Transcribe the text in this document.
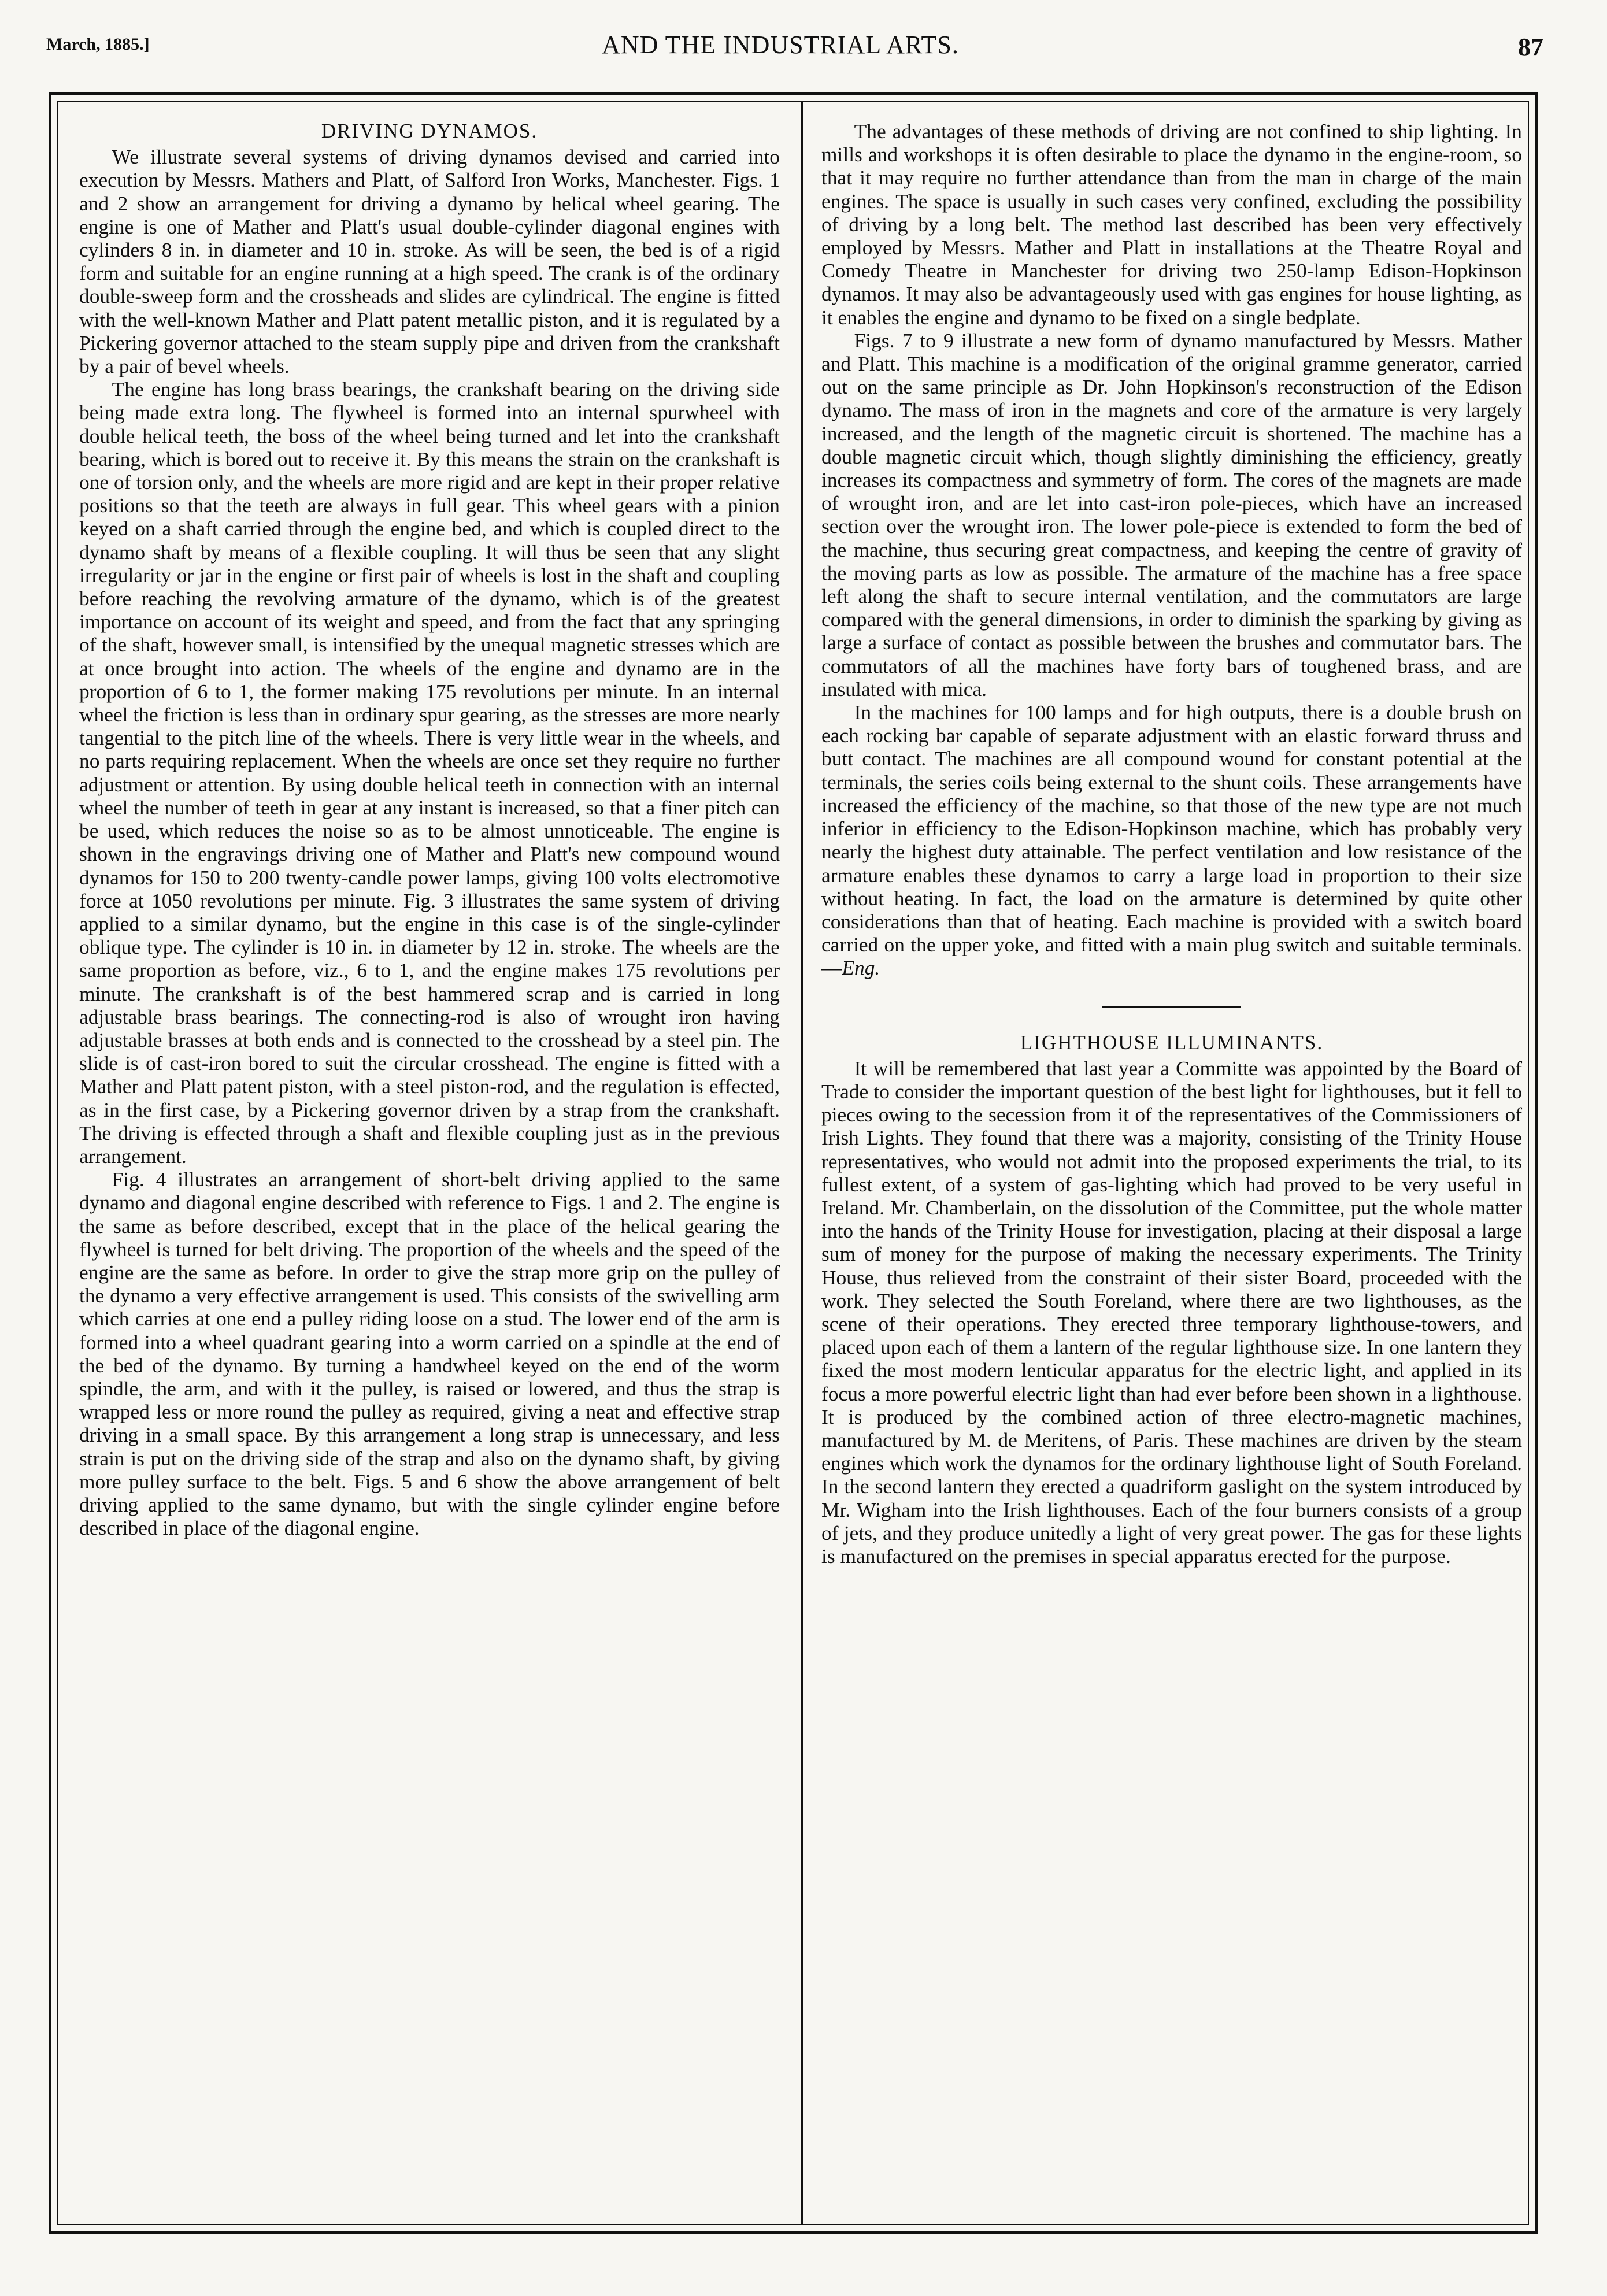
March, 1885.]	AND THE INDUSTRIAL ARTS.	87
DRIVING DYNAMOS.

We illustrate several systems of driving dynamos devised and carried into execution by Messrs. Mathers and Platt, of Salford Iron Works, Manchester. Figs. 1 and 2 show an arrangement for driving a dynamo by helical wheel gearing. The engine is one of Mather and Platt's usual double-cylinder diagonal engines with cylinders 8 in. in diameter and 10 in. stroke. As will be seen, the bed is of a rigid form and suitable for an engine running at a high speed. The crank is of the ordinary double-sweep form and the crossheads and slides are cylindrical. The engine is fitted with the well-known Mather and Platt patent metallic piston, and it is regulated by a Pickering governor attached to the steam supply pipe and driven from the crankshaft by a pair of bevel wheels.

The engine has long brass bearings, the crankshaft bearing on the driving side being made extra long. The flywheel is formed into an internal spurwheel with double helical teeth, the boss of the wheel being turned and let into the crankshaft bearing, which is bored out to receive it. By this means the strain on the crankshaft is one of torsion only, and the wheels are more rigid and are kept in their proper relative positions so that the teeth are always in full gear. This wheel gears with a pinion keyed on a shaft carried through the engine bed, and which is coupled direct to the dynamo shaft by means of a flexible coupling. It will thus be seen that any slight irregularity or jar in the engine or first pair of wheels is lost in the shaft and coupling before reaching the revolving armature of the dynamo, which is of the greatest importance on account of its weight and speed, and from the fact that any springing of the shaft, however small, is intensified by the unequal magnetic stresses which are at once brought into action. The wheels of the engine and dynamo are in the proportion of 6 to 1, the former making 175 revolutions per minute. In an internal wheel the friction is less than in ordinary spur gearing, as the stresses are more nearly tangential to the pitch line of the wheels. There is very little wear in the wheels, and no parts requiring replacement. When the wheels are once set they require no further adjustment or attention. By using double helical teeth in connection with an internal wheel the number of teeth in gear at any instant is increased, so that a finer pitch can be used, which reduces the noise so as to be almost unnoticeable. The engine is shown in the engravings driving one of Mather and Platt's new compound wound dynamos for 150 to 200 twenty-candle power lamps, giving 100 volts electromotive force at 1050 revolutions per minute. Fig. 3 illustrates the same system of driving applied to a similar dynamo, but the engine in this case is of the single-cylinder oblique type. The cylinder is 10 in. in diameter by 12 in. stroke. The wheels are the same proportion as before, viz., 6 to 1, and the engine makes 175 revolutions per minute. The crankshaft is of the best hammered scrap and is carried in long adjustable brass bearings. The connecting-rod is also of wrought iron having adjustable brasses at both ends and is connected to the crosshead by a steel pin. The slide is of cast-iron bored to suit the circular crosshead. The engine is fitted with a Mather and Platt patent piston, with a steel piston-rod, and the regulation is effected, as in the first case, by a Pickering governor driven by a strap from the crankshaft. The driving is effected through a shaft and flexible coupling just as in the previous arrangement.

Fig. 4 illustrates an arrangement of short-belt driving applied to the same dynamo and diagonal engine described with reference to Figs. 1 and 2. The engine is the same as before described, except that in the place of the helical gearing the flywheel is turned for belt driving. The proportion of the wheels and the speed of the engine are the same as before. In order to give the strap more grip on the pulley of the dynamo a very effective arrangement is used. This consists of the swivelling arm which carries at one end a pulley riding loose on a stud. The lower end of the arm is formed into a wheel quadrant gearing into a worm carried on a spindle at the end of the bed of the dynamo. By turning a handwheel keyed on the end of the worm spindle, the arm, and with it the pulley, is raised or lowered, and thus the strap is wrapped less or more round the pulley as required, giving a neat and effective strap driving in a small space. By this arrangement a long strap is unnecessary, and less strain is put on the driving side of the strap and also on the dynamo shaft, by giving more pulley surface to the belt. Figs. 5 and 6 show the above arrangement of belt driving applied to the same dynamo, but with the single cylinder engine before described in place of the diagonal engine.

The advantages of these methods of driving are not confined to ship lighting. In mills and workshops it is often desirable to place the dynamo in the engine-room, so that it may require no further attendance than from the man in charge of the main engines. The space is usually in such cases very confined, excluding the possibility of driving by a long belt. The method last described has been very effectively employed by Messrs. Mather and Platt in installations at the Theatre Royal and Comedy Theatre in Manchester for driving two 250-lamp Edison-Hopkinson dynamos. It may also be advantageously used with gas engines for house lighting, as it enables the engine and dynamo to be fixed on a single bedplate.

Figs. 7 to 9 illustrate a new form of dynamo manufactured by Messrs. Mather and Platt. This machine is a modification of the original gramme generator, carried out on the same principle as Dr. John Hopkinson's reconstruction of the Edison dynamo. The mass of iron in the magnets and core of the armature is very largely increased, and the length of the magnetic circuit is shortened. The machine has a double magnetic circuit which, though slightly diminishing the efficiency, greatly increases its compactness and symmetry of form. The cores of the magnets are made of wrought iron, and are let into cast-iron pole-pieces, which have an increased section over the wrought iron. The lower pole-piece is extended to form the bed of the machine, thus securing great compactness, and keeping the centre of gravity of the moving parts as low as possible. The armature of the machine has a free space left along the shaft to secure internal ventilation, and the commutators are large compared with the general dimensions, in order to diminish the sparking by giving as large a surface of contact as possible between the brushes and commutator bars. The commutators of all the machines have forty bars of toughened brass, and are insulated with mica.

In the machines for 100 lamps and for high outputs, there is a double brush on each rocking bar capable of separate adjustment with an elastic forward thruss and butt contact. The machines are all compound wound for constant potential at the terminals, the series coils being external to the shunt coils. These arrangements have increased the efficiency of the machine, so that those of the new type are not much inferior in efficiency to the Edison-Hopkinson machine, which has probably very nearly the highest duty attainable. The perfect ventilation and low resistance of the armature enables these dynamos to carry a large load in proportion to their size without heating. In fact, the load on the armature is determined by quite other considerations than that of heating. Each machine is provided with a switch board carried on the upper yoke, and fitted with a main plug switch and suitable terminals.—Eng.

LIGHTHOUSE ILLUMINANTS.

It will be remembered that last year a Committe was appointed by the Board of Trade to consider the important question of the best light for lighthouses, but it fell to pieces owing to the secession from it of the representatives of the Commissioners of Irish Lights. They found that there was a majority, consisting of the Trinity House representatives, who would not admit into the proposed experiments the trial, to its fullest extent, of a system of gas-lighting which had proved to be very useful in Ireland. Mr. Chamberlain, on the dissolution of the Committee, put the whole matter into the hands of the Trinity House for investigation, placing at their disposal a large sum of money for the purpose of making the necessary experiments. The Trinity House, thus relieved from the constraint of their sister Board, proceeded with the work. They selected the South Foreland, where there are two lighthouses, as the scene of their operations. They erected three temporary lighthouse-towers, and placed upon each of them a lantern of the regular lighthouse size. In one lantern they fixed the most modern lenticular apparatus for the electric light, and applied in its focus a more powerful electric light than had ever before been shown in a lighthouse. It is produced by the combined action of three electro-magnetic machines, manufactured by M. de Meritens, of Paris. These machines are driven by the steam engines which work the dynamos for the ordinary lighthouse light of South Foreland. In the second lantern they erected a quadriform gaslight on the system introduced by Mr. Wigham into the Irish lighthouses. Each of the four burners consists of a group of jets, and they produce unitedly a light of very great power. The gas for these lights is manufactured on the premises in special apparatus erected for the purpose.
